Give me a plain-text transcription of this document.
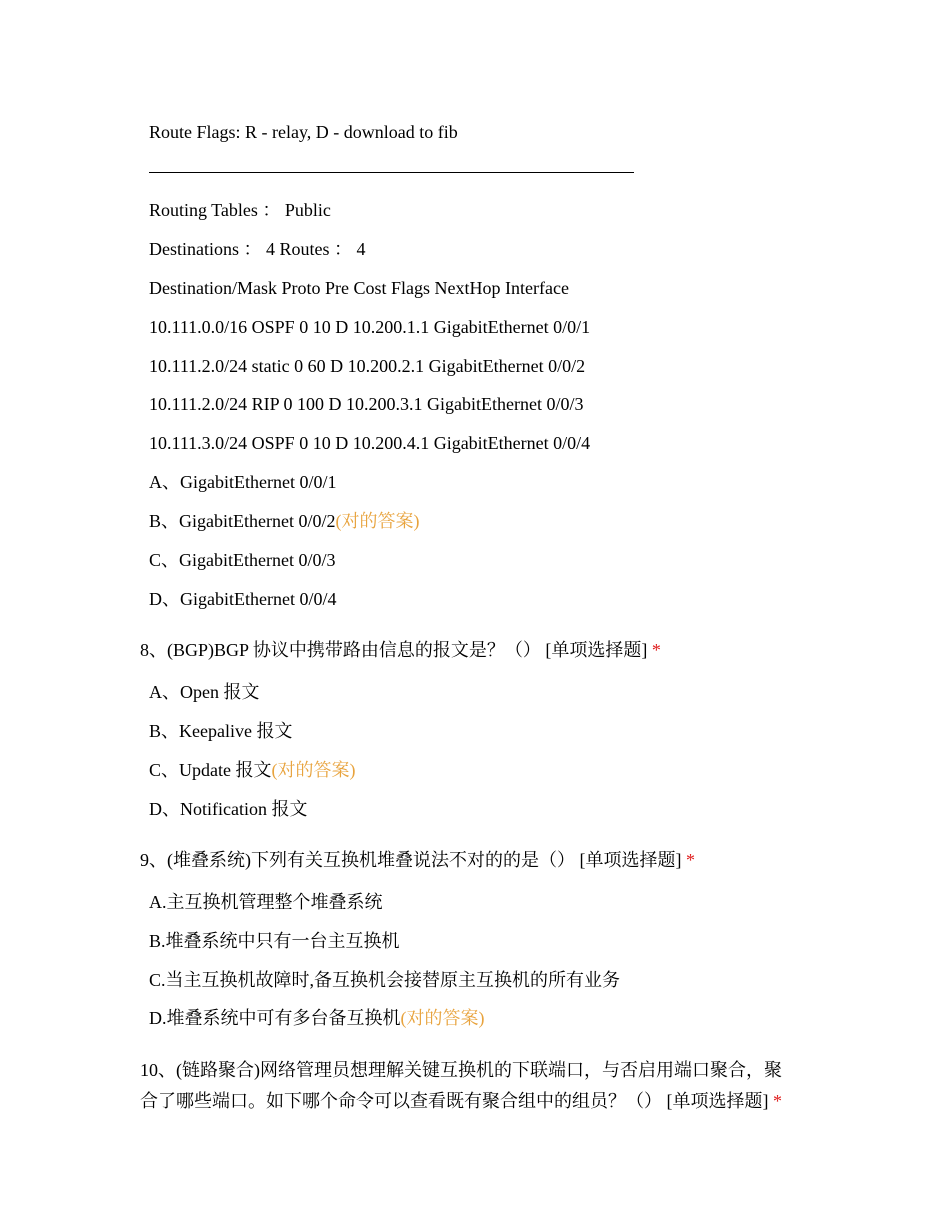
Route Flags: R - relay, D - download to fib
Routing Tables ： Public
Destinations ： 4 Routes ： 4
Destination/Mask Proto Pre Cost Flags NextHop Interface
10.111.0.0/16 OSPF 0 10 D 10.200.1.1 GigabitEthernet 0/0/1
10.111.2.0/24 static 0 60 D 10.200.2.1 GigabitEthernet 0/0/2
10.111.2.0/24 RIP 0 100 D 10.200.3.1 GigabitEthernet 0/0/3
10.111.3.0/24 OSPF 0 10 D 10.200.4.1 GigabitEthernet 0/0/4
A、GigabitEthernet 0/0/1
B、GigabitEthernet 0/0/2(对的答案)
C、GigabitEthernet 0/0/3
D、GigabitEthernet 0/0/4
8、(BGP)BGP 协议中携带路由信息的报文是？（） [单项选择题] *
A、Open 报文
B、Keepalive 报文
C、Update 报文(对的答案)
D、Notification 报文
9、(堆叠系统)下列有关互换机堆叠说法不对的的是（） [单项选择题] *
A.主互换机管理整个堆叠系统
B.堆叠系统中只有一台主互换机
C.当主互换机故障时,备互换机会接替原主互换机的所有业务
D.堆叠系统中可有多台备互换机(对的答案)
10、(链路聚合)网络管理员想理解关键互换机的下联端口，与否启用端口聚合，聚
合了哪些端口。如下哪个命令可以查看既有聚合组中的组员？（） [单项选择题] *
